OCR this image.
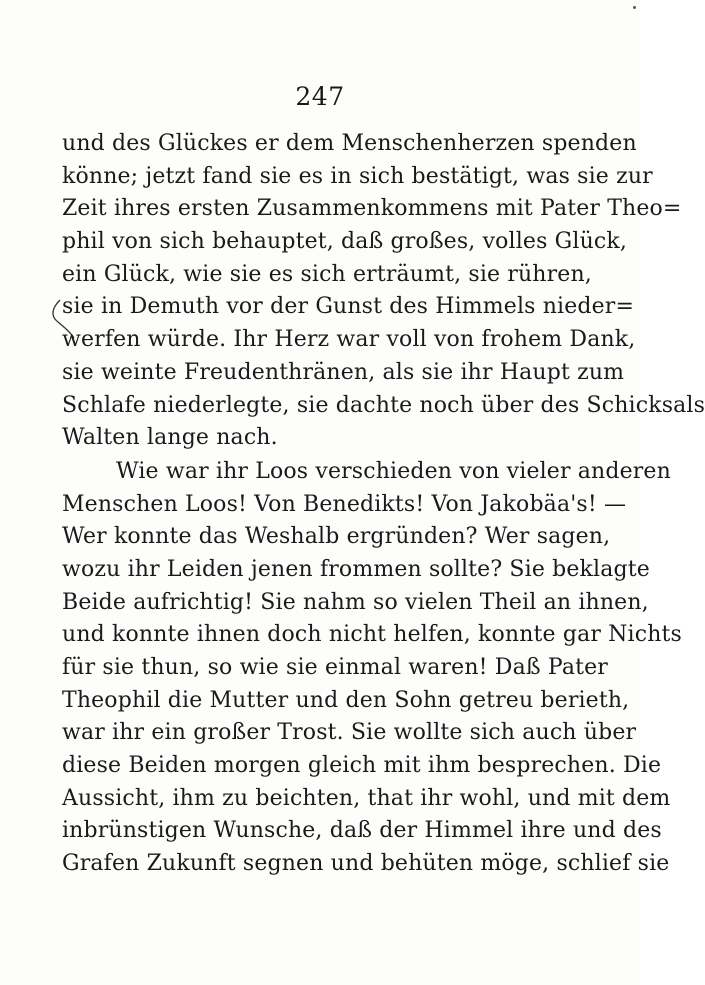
247
und des Glückes er dem Menschenherzen spenden
könne; jetzt fand sie es in sich bestätigt, was sie zur
Zeit ihres ersten Zusammenkommens mit Pater Theo=
phil von sich behauptet, daß großes, volles Glück,
ein Glück, wie sie es sich erträumt, sie rühren,
sie in Demuth vor der Gunst des Himmels nieder=
werfen würde. Ihr Herz war voll von frohem Dank,
sie weinte Freudenthränen, als sie ihr Haupt zum
Schlafe niederlegte, sie dachte noch über des Schicksals
Walten lange nach.
Wie war ihr Loos verschieden von vieler anderen
Menschen Loos! Von Benedikts! Von Jakobäa's! —
Wer konnte das Weshalb ergründen? Wer sagen,
wozu ihr Leiden jenen frommen sollte? Sie beklagte
Beide aufrichtig! Sie nahm so vielen Theil an ihnen,
und konnte ihnen doch nicht helfen, konnte gar Nichts
für sie thun, so wie sie einmal waren! Daß Pater
Theophil die Mutter und den Sohn getreu berieth,
war ihr ein großer Trost. Sie wollte sich auch über
diese Beiden morgen gleich mit ihm besprechen. Die
Aussicht, ihm zu beichten, that ihr wohl, und mit dem
inbrünstigen Wunsche, daß der Himmel ihre und des
Grafen Zukunft segnen und behüten möge, schlief sie
